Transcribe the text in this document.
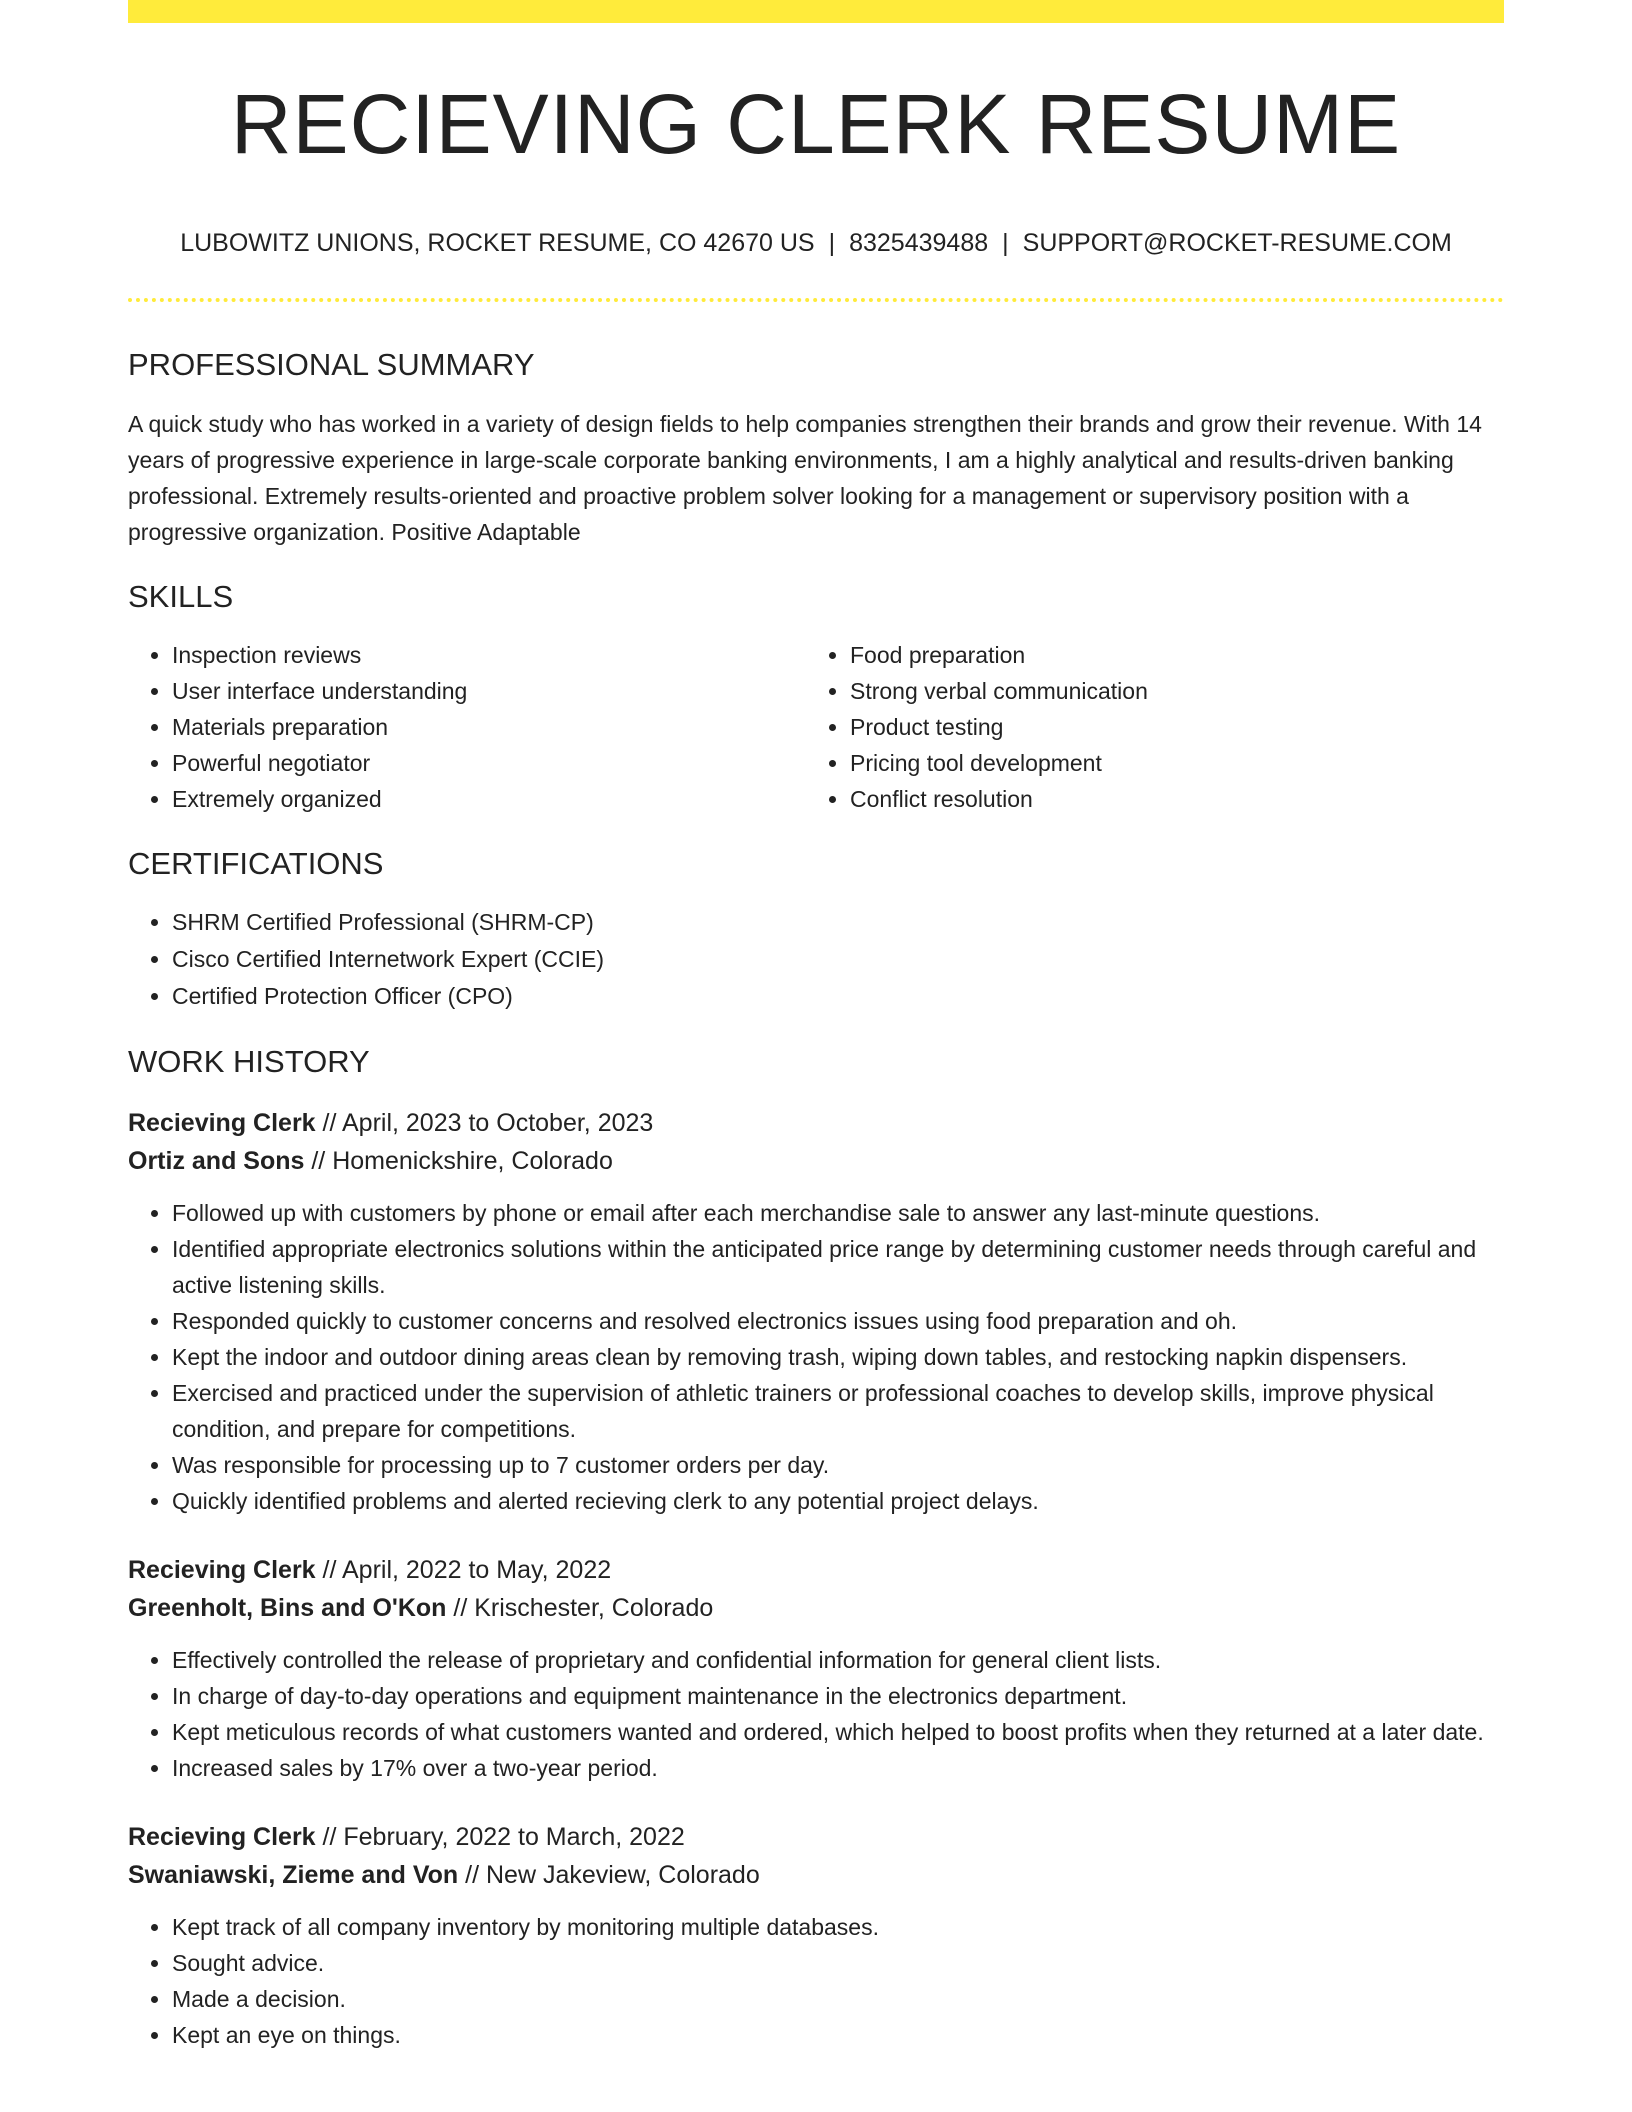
RECIEVING CLERK RESUME
LUBOWITZ UNIONS, ROCKET RESUME, CO 42670 US | 8325439488 | SUPPORT@ROCKET-RESUME.COM
PROFESSIONAL SUMMARY
A quick study who has worked in a variety of design fields to help companies strengthen their brands and grow their revenue. With 14 years of progressive experience in large-scale corporate banking environments, I am a highly analytical and results-driven banking professional. Extremely results-oriented and proactive problem solver looking for a management or supervisory position with a progressive organization. Positive Adaptable
SKILLS
• Inspection reviews
• User interface understanding
• Materials preparation
• Powerful negotiator
• Extremely organized
• Food preparation
• Strong verbal communication
• Product testing
• Pricing tool development
• Conflict resolution
CERTIFICATIONS
• SHRM Certified Professional (SHRM-CP)
• Cisco Certified Internetwork Expert (CCIE)
• Certified Protection Officer (CPO)
WORK HISTORY
Recieving Clerk // April, 2023 to October, 2023
Ortiz and Sons // Homenickshire, Colorado
• Followed up with customers by phone or email after each merchandise sale to answer any last-minute questions.
• Identified appropriate electronics solutions within the anticipated price range by determining customer needs through careful and active listening skills.
• Responded quickly to customer concerns and resolved electronics issues using food preparation and oh.
• Kept the indoor and outdoor dining areas clean by removing trash, wiping down tables, and restocking napkin dispensers.
• Exercised and practiced under the supervision of athletic trainers or professional coaches to develop skills, improve physical condition, and prepare for competitions.
• Was responsible for processing up to 7 customer orders per day.
• Quickly identified problems and alerted recieving clerk to any potential project delays.
Recieving Clerk // April, 2022 to May, 2022
Greenholt, Bins and O'Kon // Krischester, Colorado
• Effectively controlled the release of proprietary and confidential information for general client lists.
• In charge of day-to-day operations and equipment maintenance in the electronics department.
• Kept meticulous records of what customers wanted and ordered, which helped to boost profits when they returned at a later date.
• Increased sales by 17% over a two-year period.
Recieving Clerk // February, 2022 to March, 2022
Swaniawski, Zieme and Von // New Jakeview, Colorado
• Kept track of all company inventory by monitoring multiple databases.
• Sought advice.
• Made a decision.
• Kept an eye on things.
